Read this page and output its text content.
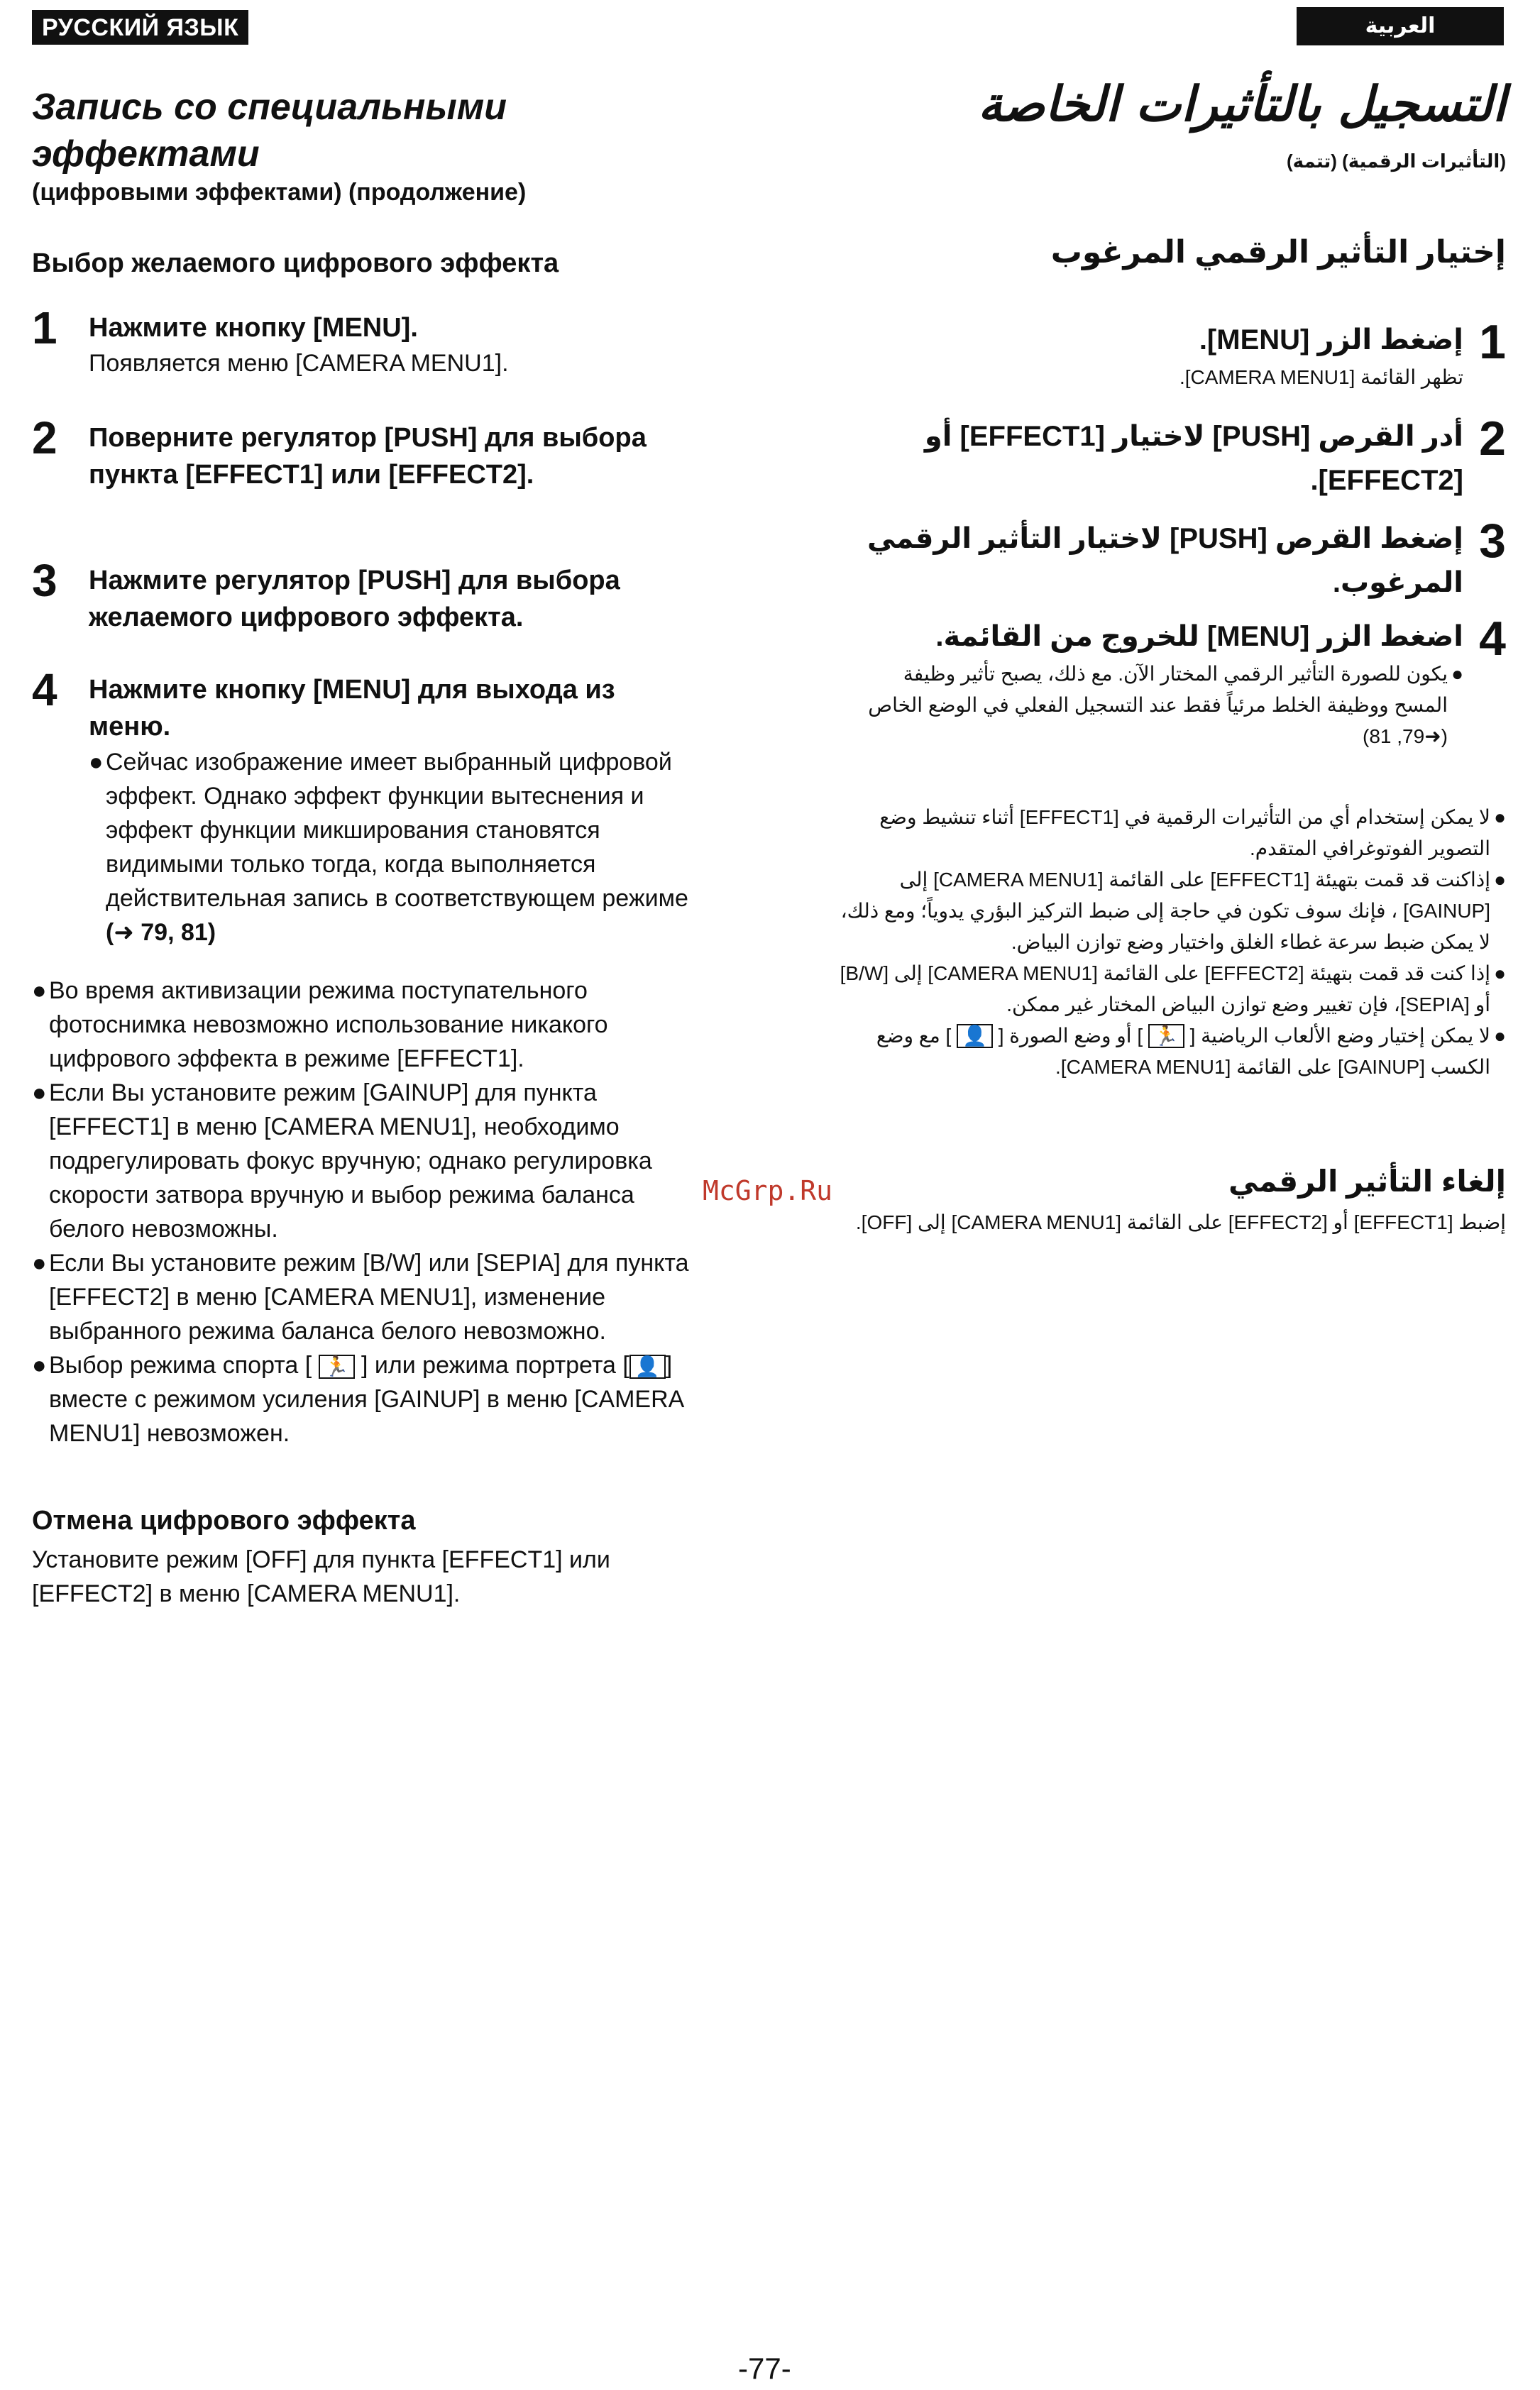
РУССКИЙ ЯЗЫК	العربية
Запись со специальными
эффектами
(цифровыми эффектами) (продолжение)
Выбор желаемого цифрового эффекта
1 Нажмите кнопку [MENU].
Появляется меню [CAMERA MENU1].
2 Поверните регулятор [PUSH] для выбора пункта [EFFECT1] или [EFFECT2].
3 Нажмите регулятор [PUSH] для выбора желаемого цифрового эффекта.
4 Нажмите кнопку [MENU] для выхода из меню.
● Сейчас изображение имеет выбранный цифровой эффект. Однако эффект функции вытеснения и эффект функции микширования становятся видимыми только тогда, когда выполняется действительная запись в соответствующем режиме (➜ 79, 81)
● Во время активизации режима поступательного фотоснимка невозможно использование никакого цифрового эффекта в режиме [EFFECT1].
● Если Вы установите режим [GAINUP] для пункта [EFFECT1] в меню [CAMERA MENU1], необходимо подрегулировать фокус вручную; однако регулировка скорости затвора вручную и выбор режима баланса белого невозможны.
● Если Вы установите режим [B/W] или [SEPIA] для пункта [EFFECT2] в меню [CAMERA MENU1], изменение выбранного режима баланса белого невозможно.
● Выбор режима спорта [ 🏃 ] или режима портрета [ 👤 ] вместе с режимом усиления [GAINUP] в меню [CAMERA MENU1] невозможен.
Отмена цифрового эффекта
Установите режим [OFF] для пункта [EFFECT1] или [EFFECT2] в меню [CAMERA MENU1].
التسجيل بالتأثيرات الخاصة
(التأثيرات الرقمية) (تتمة)
إختيار التأثير الرقمي المرغوب
1
إضغط الزر [MENU].
تظهر القائمة [CAMERA MENU1].
2
أدر القرص [PUSH] لاختيار [EFFECT1] أو [EFFECT2].
3
إضغط القرص [PUSH] لاختيار التأثير الرقمي المرغوب.
4
اضغط الزر [MENU] للخروج من القائمة.
●
يكون للصورة التأثير الرقمي المختار الآن. مع ذلك، يصبح تأثير وظيفة المسح ووظيفة الخلط مرئياً فقط عند التسجيل الفعلي في الوضع الخاص (➜79, 81)
●
لا يمكن إستخدام أي من التأثيرات الرقمية في [EFFECT1] أثناء تنشيط وضع التصوير الفوتوغرافي المتقدم.
●
إذاكنت قد قمت بتهيئة [EFFECT1] على القائمة [CAMERA MENU1] إلى [GAINUP] ، فإنك سوف تكون في حاجة إلى ضبط التركيز البؤري يدوياً؛ ومع ذلك، لا يمكن ضبط سرعة غطاء الغلق واختيار وضع توازن البياض.
●
إذا كنت قد قمت بتهيئة [EFFECT2] على القائمة [CAMERA MENU1] إلى [B/W] أو [SEPIA]، فإن تغيير وضع توازن البياض المختار غير ممكن.
●
لا يمكن إختيار وضع الألعاب الرياضية [ 🏃 ] أو وضع الصورة [ 👤 ] مع وضع الكسب [GAINUP] على القائمة [CAMERA MENU1].
إلغاء التأثير الرقمي
إضبط [EFFECT1] أو [EFFECT2] على القائمة [CAMERA MENU1] إلى [OFF].
McGrp.Ru
-77-
